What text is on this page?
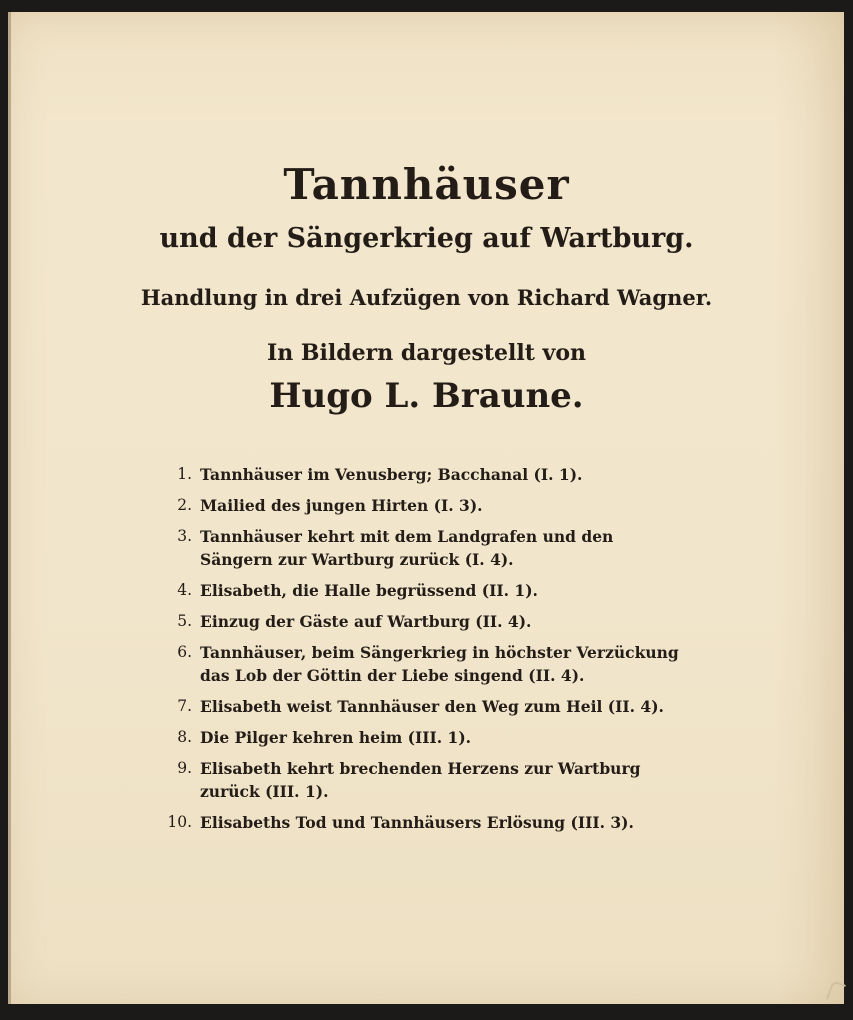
Tannhäuser
und der Sängerkrieg auf Wartburg.

Handlung in drei Aufzügen von Richard Wagner.

In Bildern dargestellt von

Hugo L. Braune.

1. Tannhäuser im Venusberg; Bacchanal (I. 1).
2. Mailied des jungen Hirten (I. 3).
3. Tannhäuser kehrt mit dem Landgrafen und den Sängern zur Wartburg zurück (I. 4).
4. Elisabeth, die Halle begrüssend (II. 1).
5. Einzug der Gäste auf Wartburg (II. 4).
6. Tannhäuser, beim Sängerkrieg in höchster Verzückung das Lob der Göttin der Liebe singend (II. 4).
7. Elisabeth weist Tannhäuser den Weg zum Heil (II. 4).
8. Die Pilger kehren heim (III. 1).
9. Elisabeth kehrt brechenden Herzens zur Wartburg zurück (III. 1).
10. Elisabeths Tod und Tannhäusers Erlösung (III. 3).
